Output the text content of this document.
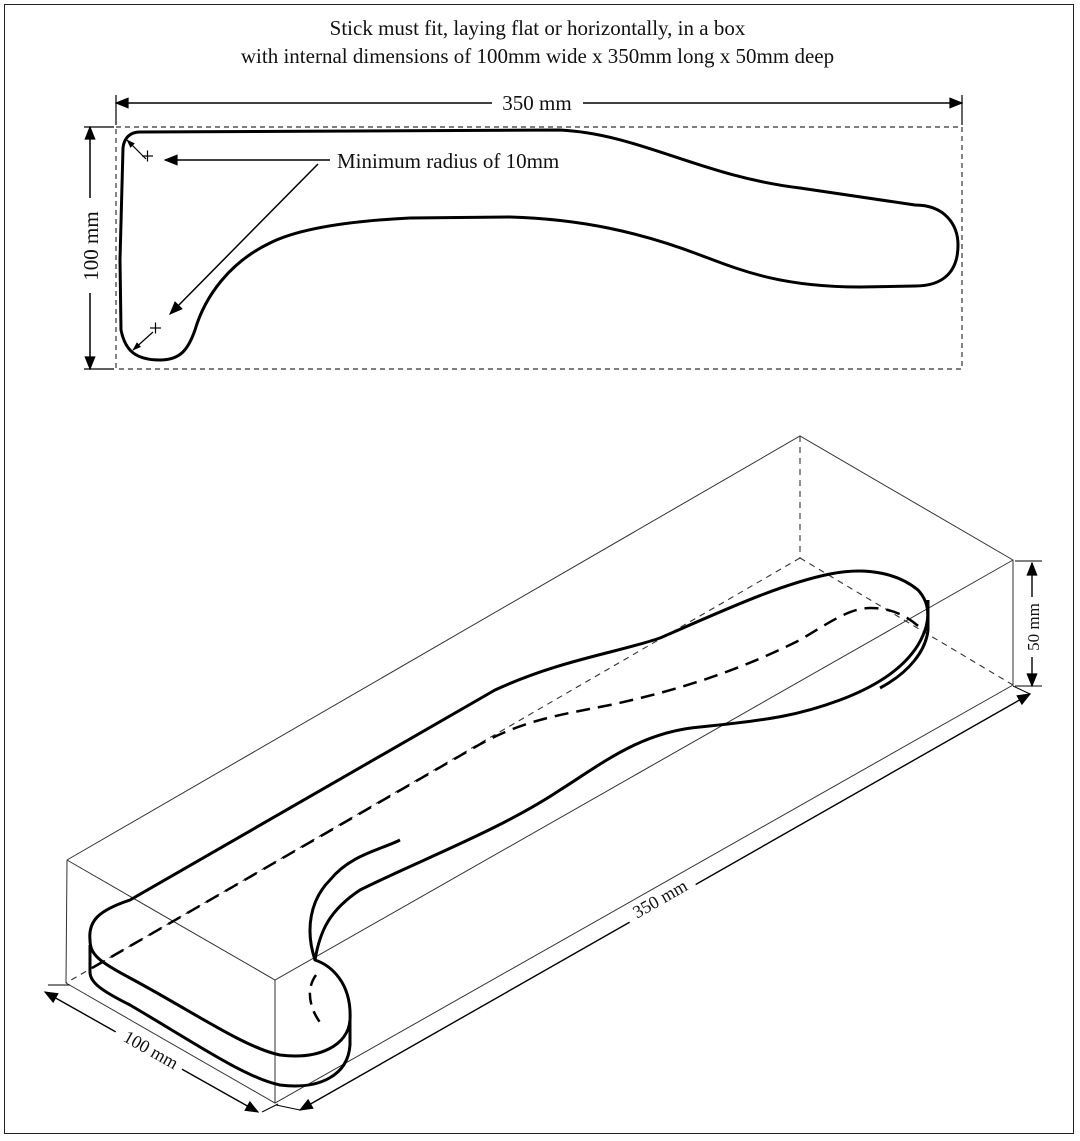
Stick must fit, laying flat or horizontally, in a box
with internal dimensions of 100mm wide x 350mm long x 50mm deep
350 mm
100 mm
Minimum radius of 10mm
100 mm
350 mm
50 mm
